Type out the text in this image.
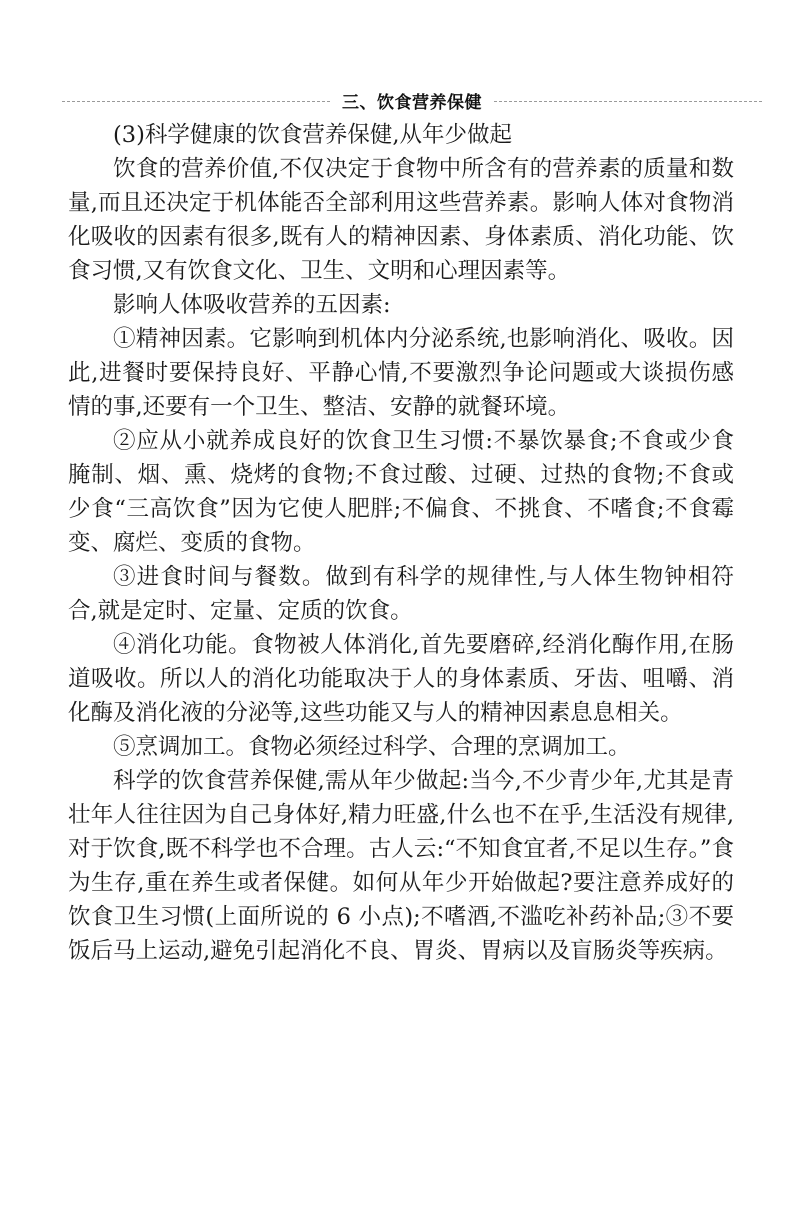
三、饮食营养保健

(3)科学健康的饮食营养保健,从年少做起

饮食的营养价值,不仅决定于食物中所含有的营养素的质量和数量,而且还决定于机体能否全部利用这些营养素。影响人体对食物消化吸收的因素有很多,既有人的精神因素、身体素质、消化功能、饮食习惯,又有饮食文化、卫生、文明和心理因素等。

影响人体吸收营养的五因素:

①精神因素。它影响到机体内分泌系统,也影响消化、吸收。因此,进餐时要保持良好、平静心情,不要激烈争论问题或大谈损伤感情的事,还要有一个卫生、整洁、安静的就餐环境。

②应从小就养成良好的饮食卫生习惯:不暴饮暴食;不食或少食腌制、烟、熏、烧烤的食物;不食过酸、过硬、过热的食物;不食或少食“三高饮食”因为它使人肥胖;不偏食、不挑食、不嗜食;不食霉变、腐烂、变质的食物。

③进食时间与餐数。做到有科学的规律性,与人体生物钟相符合,就是定时、定量、定质的饮食。

④消化功能。食物被人体消化,首先要磨碎,经消化酶作用,在肠道吸收。所以人的消化功能取决于人的身体素质、牙齿、咀嚼、消化酶及消化液的分泌等,这些功能又与人的精神因素息息相关。

⑤烹调加工。食物必须经过科学、合理的烹调加工。

科学的饮食营养保健,需从年少做起:当今,不少青少年,尤其是青壮年人往往因为自己身体好,精力旺盛,什么也不在乎,生活没有规律,对于饮食,既不科学也不合理。古人云:“不知食宜者,不足以生存。”食为生存,重在养生或者保健。如何从年少开始做起?要注意养成好的饮食卫生习惯(上面所说的 6 小点);不嗜酒,不滥吃补药补品;③不要饭后马上运动,避免引起消化不良、胃炎、胃病以及盲肠炎等疾病。
